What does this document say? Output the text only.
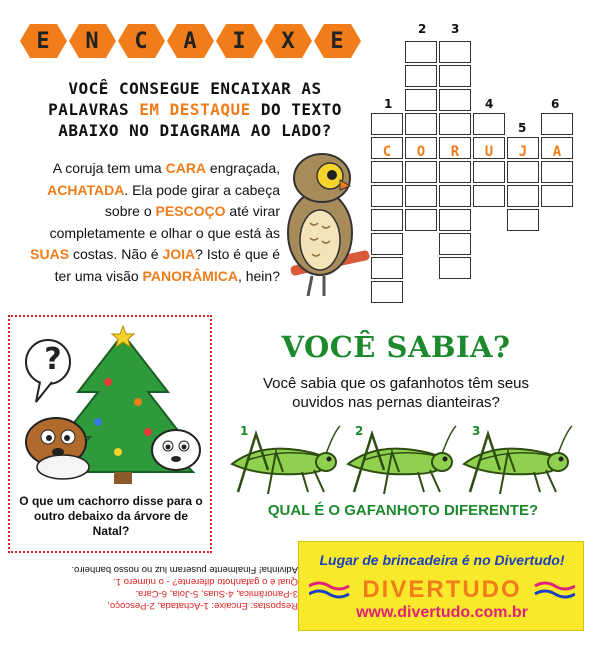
E N C A I X E
VOCÊ CONSEGUE ENCAIXAR AS PALAVRAS EM DESTAQUE DO TEXTO ABAIXO NO DIAGRAMA AO LADO?
A coruja tem uma CARA engraçada, ACHATADA. Ela pode girar a cabeça sobre o PESCOÇO até virar completamente e olhar o que está às SUAS costas. Não é JOIA? Isto é que é ter uma visão PANORÂMICA, hein?
2 3
1	4	6
5
C	O	R	U	J	A
?
O que um cachorro disse para o outro debaixo da árvore de Natal?
VOCÊ SABIA?
Você sabia que os gafanhotos têm seus ouvidos nas pernas dianteiras?
1	2	3
QUAL É O GAFANHOTO DIFERENTE?
Respostas: Encaixe: 1-Achatada, 2-Pescoço,
3-Panorâmica, 4-Suas, 5-Joia, 6-Cara.
Qual é o gafanhoto diferente? - o número 1.
Adivinha! Finalmente puseram luz no nosso banheiro.
Lugar de brincadeira é no Divertudo!
DIVERTUDO
www.divertudo.com.br
